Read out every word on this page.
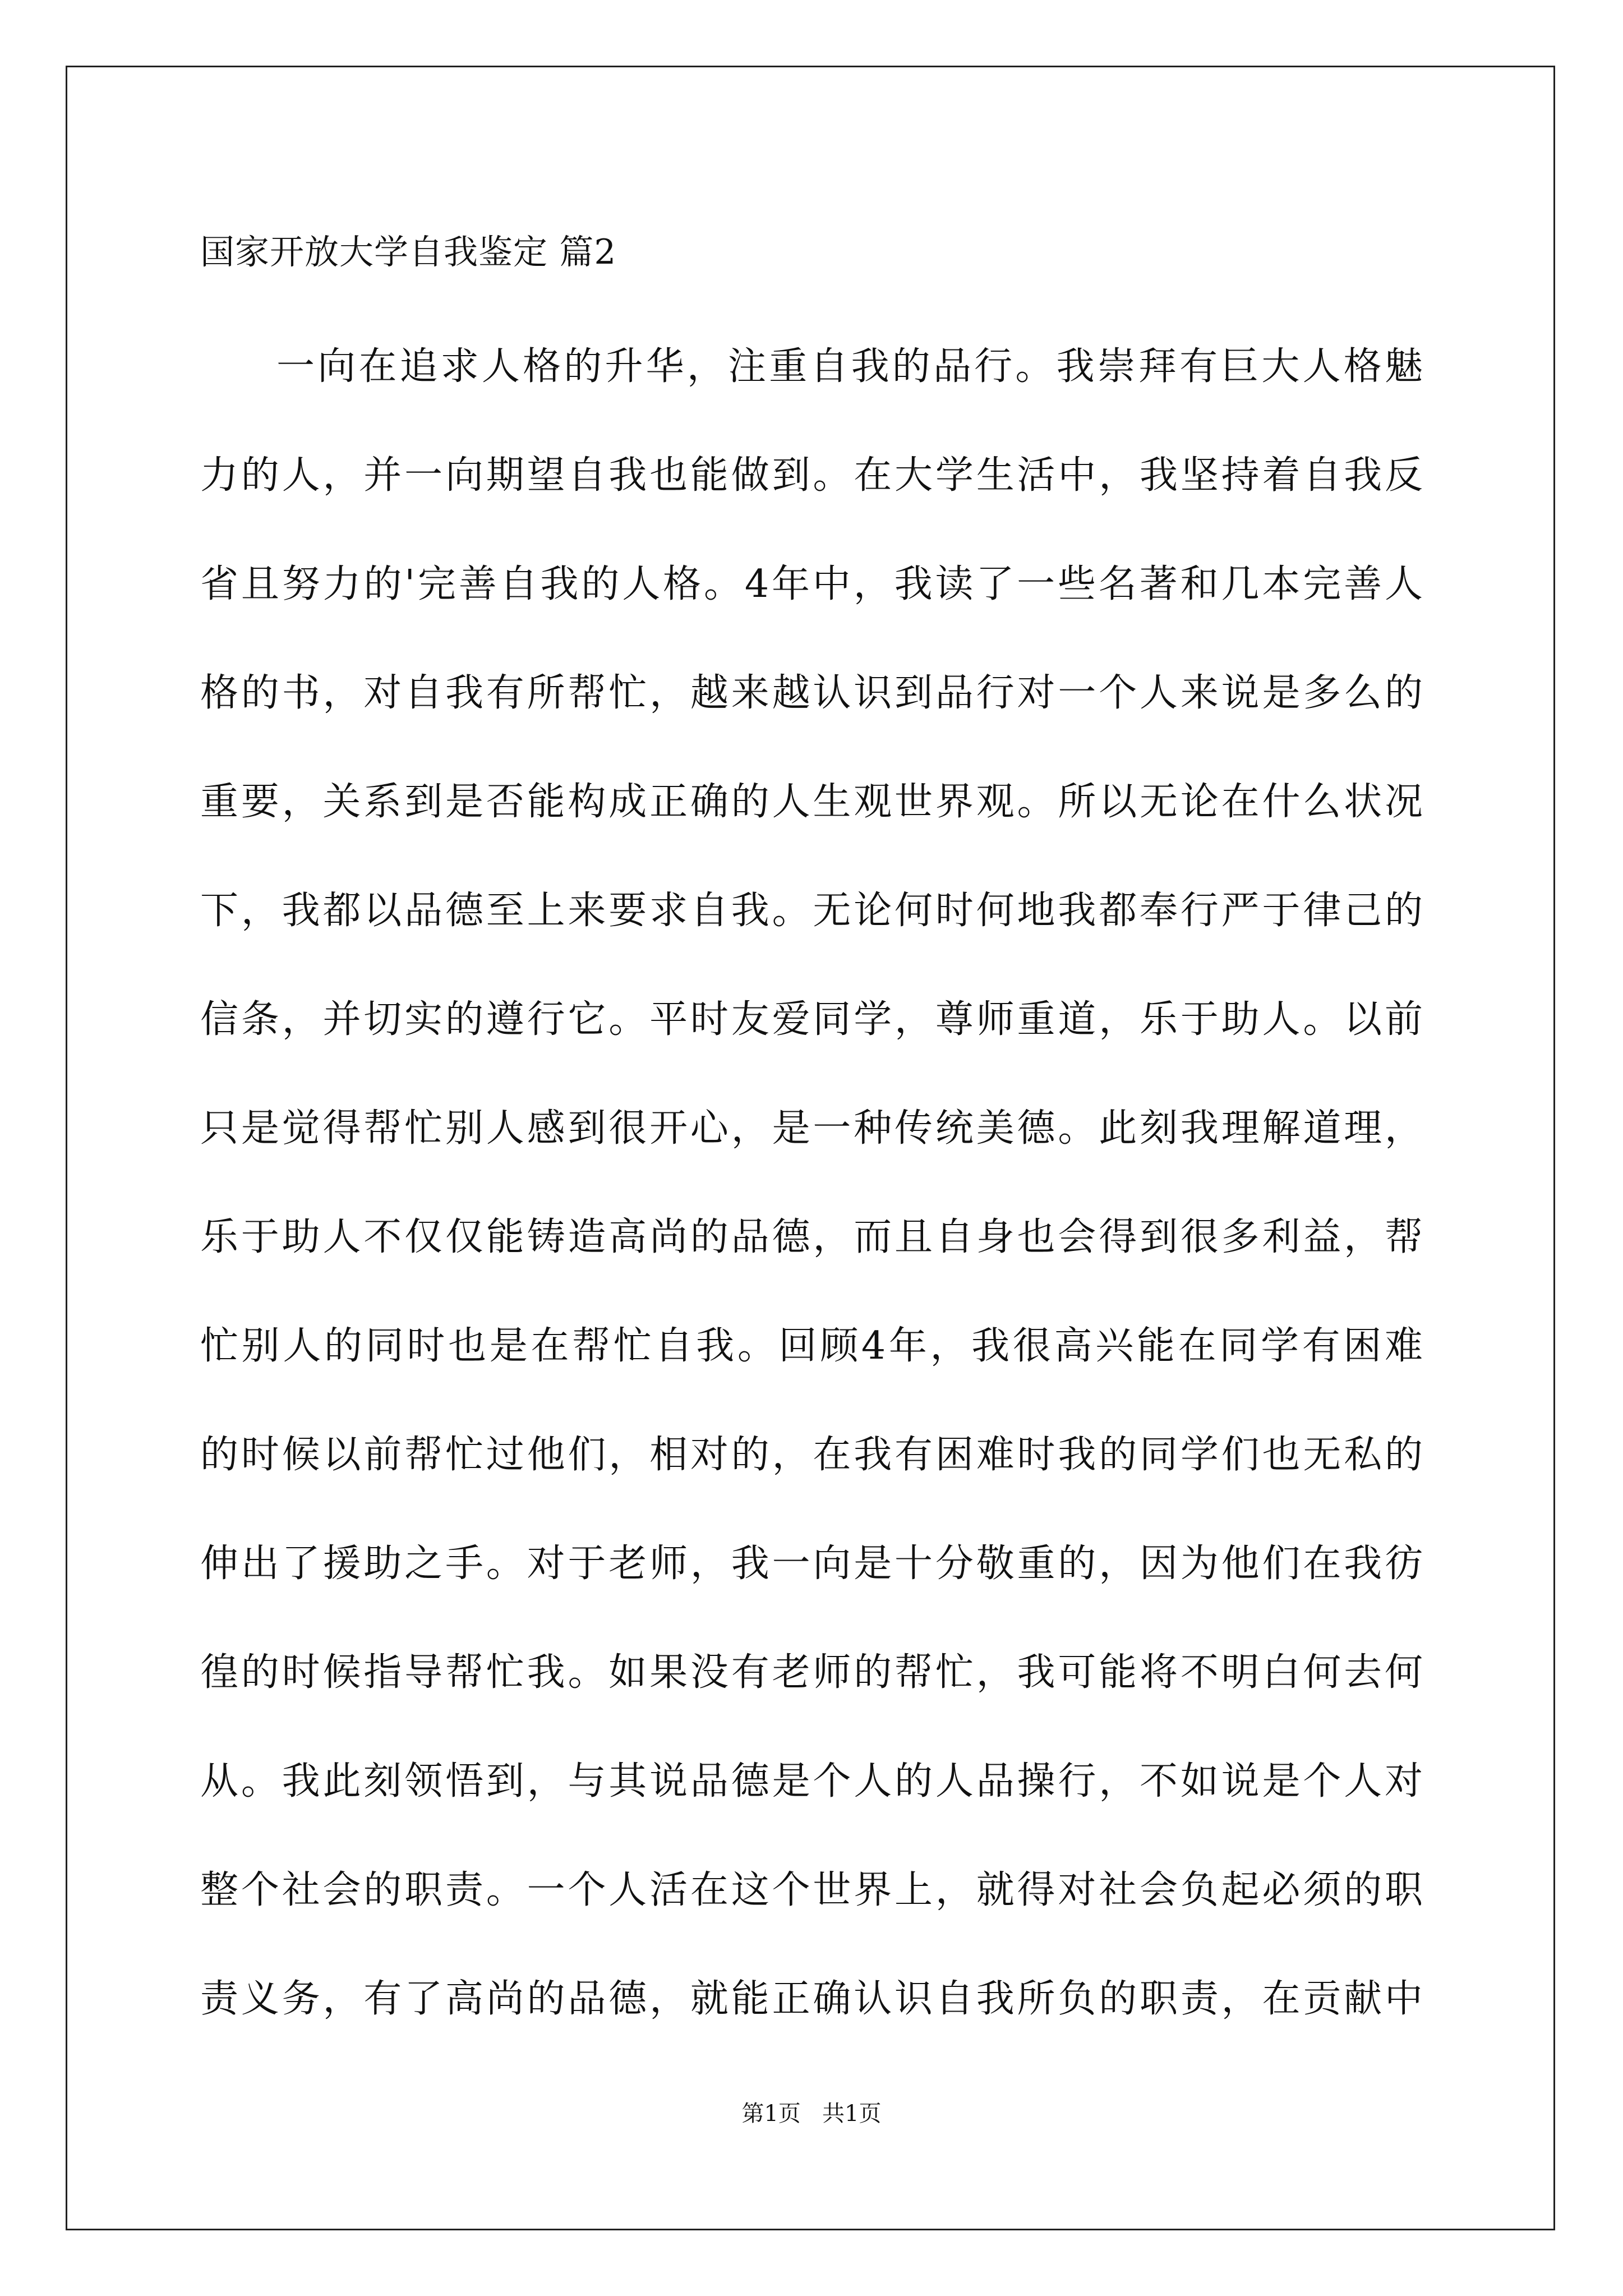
国家开放大学自我鉴定 篇2
一向在追求人格的升华，注重自我的品行。我崇拜有巨大人格魅
力的人，并一向期望自我也能做到。在大学生活中，我坚持着自我反
省且努力的'完善自我的人格。4年中，我读了一些名著和几本完善人
格的书，对自我有所帮忙，越来越认识到品行对一个人来说是多么的
重要，关系到是否能构成正确的人生观世界观。所以无论在什么状况
下，我都以品德至上来要求自我。无论何时何地我都奉行严于律己的
信条，并切实的遵行它。平时友爱同学，尊师重道，乐于助人。以前
只是觉得帮忙别人感到很开心，是一种传统美德。此刻我理解道理，
乐于助人不仅仅能铸造高尚的品德，而且自身也会得到很多利益，帮
忙别人的同时也是在帮忙自我。回顾4年，我很高兴能在同学有困难
的时候以前帮忙过他们，相对的，在我有困难时我的同学们也无私的
伸出了援助之手。对于老师，我一向是十分敬重的，因为他们在我彷
徨的时候指导帮忙我。如果没有老师的帮忙，我可能将不明白何去何
从。我此刻领悟到，与其说品德是个人的人品操行，不如说是个人对
整个社会的职责。一个人活在这个世界上，就得对社会负起必须的职
责义务，有了高尚的品德，就能正确认识自我所负的职责，在贡献中
第1页   共1页
